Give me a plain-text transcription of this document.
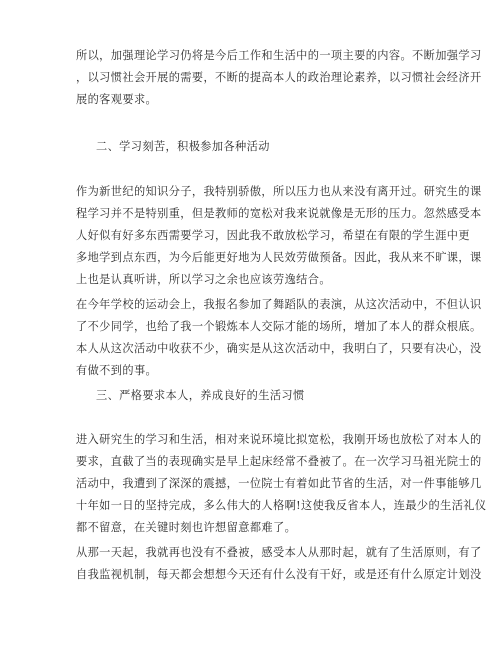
所以，加强理论学习仍将是今后工作和生活中的一项主要的内容。不断加强学习
，以习惯社会开展的需要，不断的提高本人的政治理论素养，以习惯社会经济开
展的客观要求。
二、学习刻苦，积极参加各种活动
作为新世纪的知识分子，我特别骄傲，所以压力也从来没有离开过。研究生的课
程学习并不是特别重，但是教师的宽松对我来说就像是无形的压力。忽然感受本
人好似有好多东西需要学习，因此我不敢放松学习，希望在有限的学生涯中更
多地学到点东西，为今后能更好地为人民效劳做预备。因此，我从来不旷课，课
上也是认真听讲，所以学习之余也应该劳逸结合。
在今年学校的运动会上，我报名参加了舞蹈队的表演，从这次活动中，不但认识
了不少同学，也给了我一个锻炼本人交际才能的场所，增加了本人的群众根底。
本人从这次活动中收获不少，确实是从这次活动中，我明白了，只要有决心，没
有做不到的事。
三、严格要求本人，养成良好的生活习惯
进入研究生的学习和生活，相对来说环境比拟宽松，我刚开场也放松了对本人的
要求，直截了当的表现确实是早上起床经常不叠被了。在一次学习马祖光院士的
活动中，我遭到了深深的震撼，一位院士有着如此节省的生活，对一件事能够几
十年如一日的坚持完成，多么伟大的人格啊!这使我反省本人，连最少的生活礼仪
都不留意，在关键时刻也许想留意都难了。
从那一天起，我就再也没有不叠被，感受本人从那时起，就有了生活原则，有了
自我监视机制，每天都会想想今天还有什么没有干好，或是还有什么原定计划没
